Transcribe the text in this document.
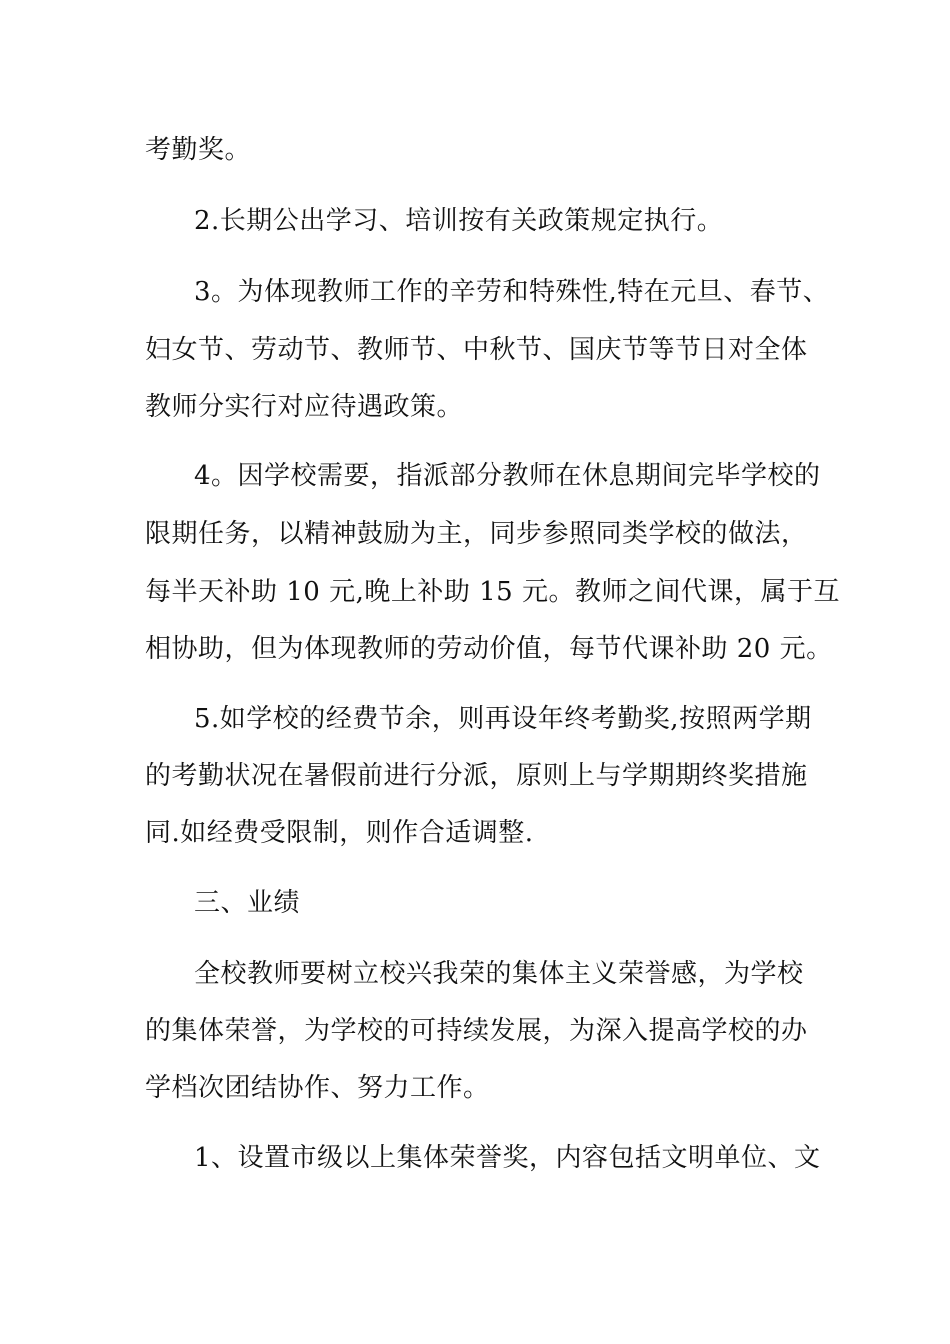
考勤奖。
2.长期公出学习、培训按有关政策规定执行。
3。为体现教师工作的辛劳和特殊性,特在元旦、春节、
妇女节、劳动节、教师节、中秋节、国庆节等节日对全体
教师分实行对应待遇政策。
4。因学校需要，指派部分教师在休息期间完毕学校的
限期任务，以精神鼓励为主，同步参照同类学校的做法，
每半天补助 10 元,晚上补助 15 元。教师之间代课，属于互
相协助，但为体现教师的劳动价值，每节代课补助 20 元。
5.如学校的经费节余，则再设年终考勤奖,按照两学期
的考勤状况在暑假前进行分派，原则上与学期期终奖措施
同.如经费受限制，则作合适调整.
三、业绩
全校教师要树立校兴我荣的集体主义荣誉感，为学校
的集体荣誉，为学校的可持续发展，为深入提高学校的办
学档次团结协作、努力工作。
1、设置市级以上集体荣誉奖，内容包括文明单位、文
